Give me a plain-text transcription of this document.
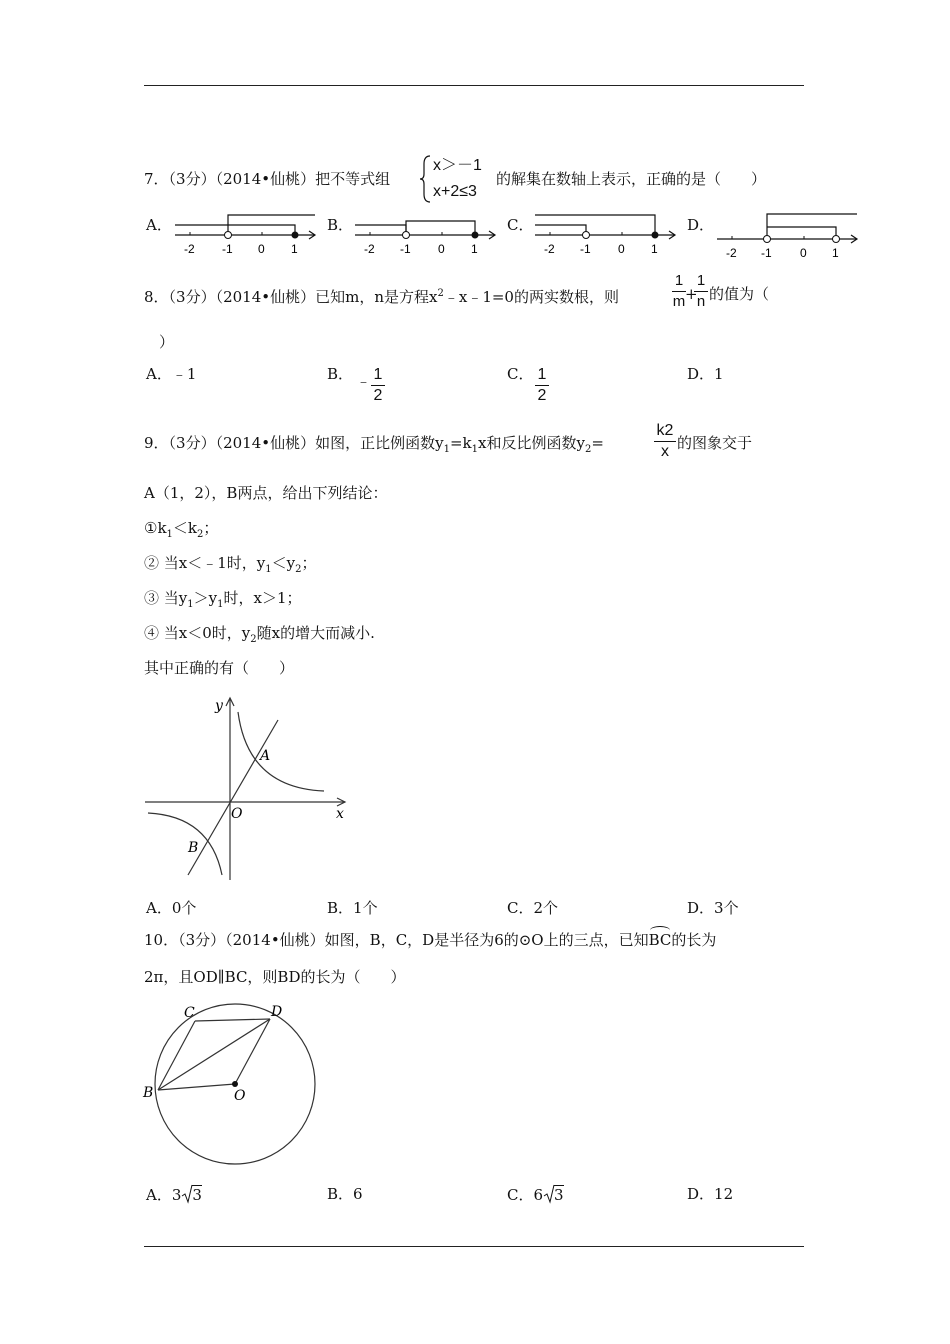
7．（3分）（2014•仙桃）把不等式组
x＞－1
x+2≤3
的解集在数轴上表示，正确的是（　　）
A．	B．	C．	D．
-2 -1 0 1	-2 -1 0 1	-2 -1 0 1	-2 -1 0 1
8．（3分）（2014•仙桃）已知m，n是方程$x^2﹣x﹣1=0$的两实数根，则
1
m +
1
n 的值为（
）
A．﹣1	B． ﹣ 1
2
C． 1
2
D．1
9．（3分）（2014•仙桃）如图，正比例函数$y_1=k_1x$和反比例函数$y_2=$
k2
x 的图象交于
A（1，2），B两点，给出下列结论：
$①k_1<k_2$；
② 当x＜﹣1时，$y_1<y_2$；
③ 当$y_1>y_1$时，x＞1；
④ 当x＜0时，$y_2$随x的增大而减小.
其中正确的有（　　）
y
x
O
A
B
A．0个	B．1个	C．2个	D．3个
10．（3分）（2014•仙桃）如图，B，C，D是半径为6的⊙O上的三点，已知BC的长为
2π，且OD∥BC，则BD的长为（　　）
C	D
B	O
A．3 3	B．6	C．6 3	D．12
